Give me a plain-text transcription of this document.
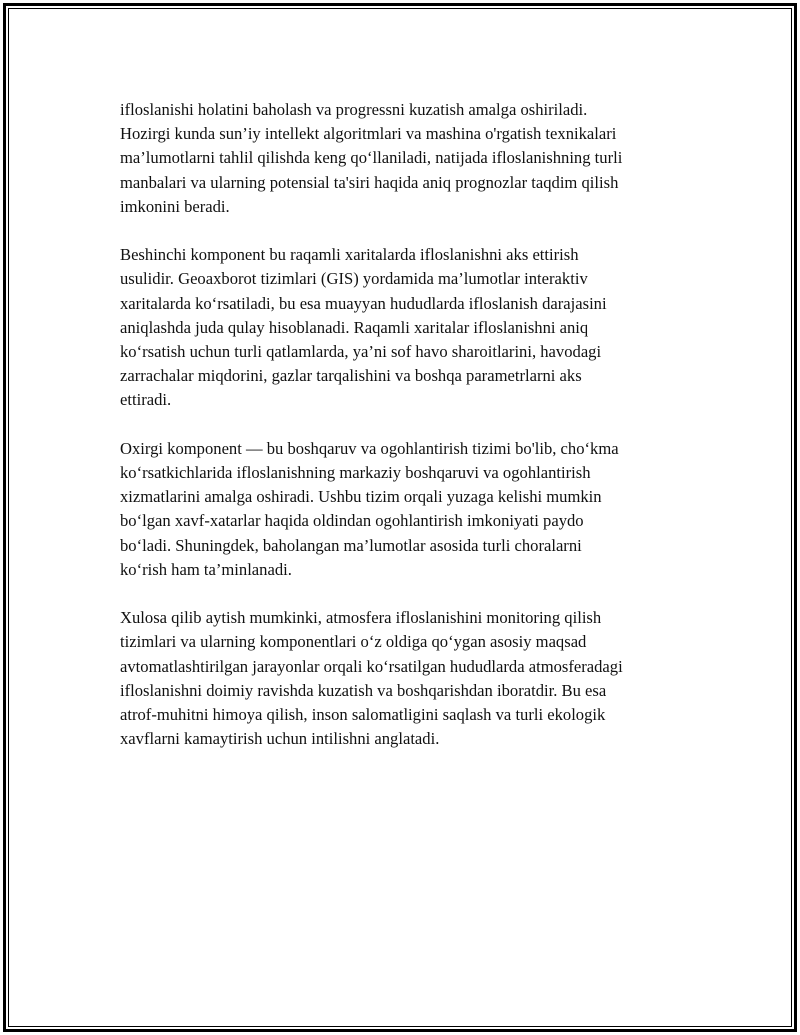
ifloslanishi holatini baholash va progressni kuzatish amalga oshiriladi.
Hozirgi kunda sun’iy intellekt algoritmlari va mashina o'rgatish texnikalari
ma’lumotlarni tahlil qilishda keng qo‘llaniladi, natijada ifloslanishning turli
manbalari va ularning potensial ta'siri haqida aniq prognozlar taqdim qilish
imkonini beradi.

Beshinchi komponent bu raqamli xaritalarda ifloslanishni aks ettirish
usulidir. Geoaxborot tizimlari (GIS) yordamida ma’lumotlar interaktiv
xaritalarda ko‘rsatiladi, bu esa muayyan hududlarda ifloslanish darajasini
aniqlashda juda qulay hisoblanadi. Raqamli xaritalar ifloslanishni aniq
ko‘rsatish uchun turli qatlamlarda, ya’ni sof havo sharoitlarini, havodagi
zarrachalar miqdorini, gazlar tarqalishini va boshqa parametrlarni aks
ettiradi.

Oxirgi komponent — bu boshqaruv va ogohlantirish tizimi bo'lib, cho‘kma
ko‘rsatkichlarida ifloslanishning markaziy boshqaruvi va ogohlantirish
xizmatlarini amalga oshiradi. Ushbu tizim orqali yuzaga kelishi mumkin
bo‘lgan xavf-xatarlar haqida oldindan ogohlantirish imkoniyati paydo
bo‘ladi. Shuningdek, baholangan ma’lumotlar asosida turli choralarni
ko‘rish ham ta’minlanadi.

Xulosa qilib aytish mumkinki, atmosfera ifloslanishini monitoring qilish
tizimlari va ularning komponentlari o‘z oldiga qo‘ygan asosiy maqsad
avtomatlashtirilgan jarayonlar orqali ko‘rsatilgan hududlarda atmosferadagi
ifloslanishni doimiy ravishda kuzatish va boshqarishdan iboratdir. Bu esa
atrof-muhitni himoya qilish, inson salomatligini saqlash va turli ekologik
xavflarni kamaytirish uchun intilishni anglatadi.
